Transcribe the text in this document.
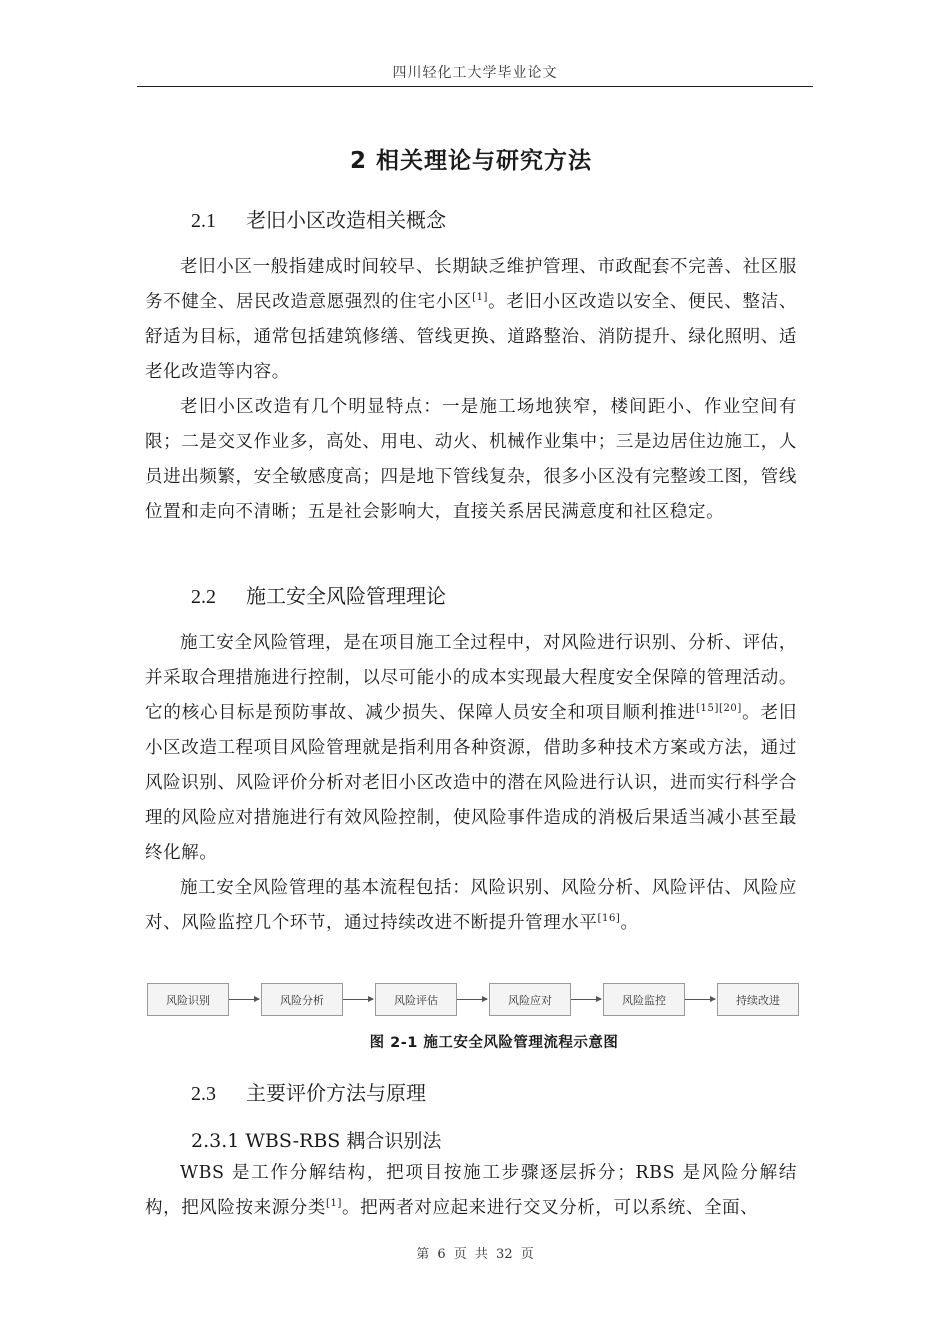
四川轻化工大学毕业论文
2 相关理论与研究方法
2.1 老旧小区改造相关概念
老旧小区一般指建成时间较早、长期缺乏维护管理、市政配套不完善、社区服务不健全、居民改造意愿强烈的住宅小区[1]。老旧小区改造以安全、便民、整洁、舒适为目标，通常包括建筑修缮、管线更换、道路整治、消防提升、绿化照明、适老化改造等内容。
老旧小区改造有几个明显特点：一是施工场地狭窄，楼间距小、作业空间有限；二是交叉作业多，高处、用电、动火、机械作业集中；三是边居住边施工，人员进出频繁，安全敏感度高；四是地下管线复杂，很多小区没有完整竣工图，管线位置和走向不清晰；五是社会影响大，直接关系居民满意度和社区稳定。
2.2 施工安全风险管理理论
施工安全风险管理，是在项目施工全过程中，对风险进行识别、分析、评估，并采取合理措施进行控制，以尽可能小的成本实现最大程度安全保障的管理活动。它的核心目标是预防事故、减少损失、保障人员安全和项目顺利推进[15][20]。老旧小区改造工程项目风险管理就是指利用各种资源，借助多种技术方案或方法，通过风险识别、风险评价分析对老旧小区改造中的潜在风险进行认识，进而实行科学合理的风险应对措施进行有效风险控制，使风险事件造成的消极后果适当减小甚至最终化解。
施工安全风险管理的基本流程包括：风险识别、风险分析、风险评估、风险应对、风险监控几个环节，通过持续改进不断提升管理水平[16]。
风险识别	风险分析	风险评估	风险应对	风险监控	持续改进
图 2-1 施工安全风险管理流程示意图
2.3 主要评价方法与原理
2.3.1 WBS-RBS 耦合识别法
WBS 是工作分解结构，把项目按施工步骤逐层拆分；RBS 是风险分解结构，把风险按来源分类[1]。把两者对应起来进行交叉分析，可以系统、全面、
第 6 页 共 32 页
